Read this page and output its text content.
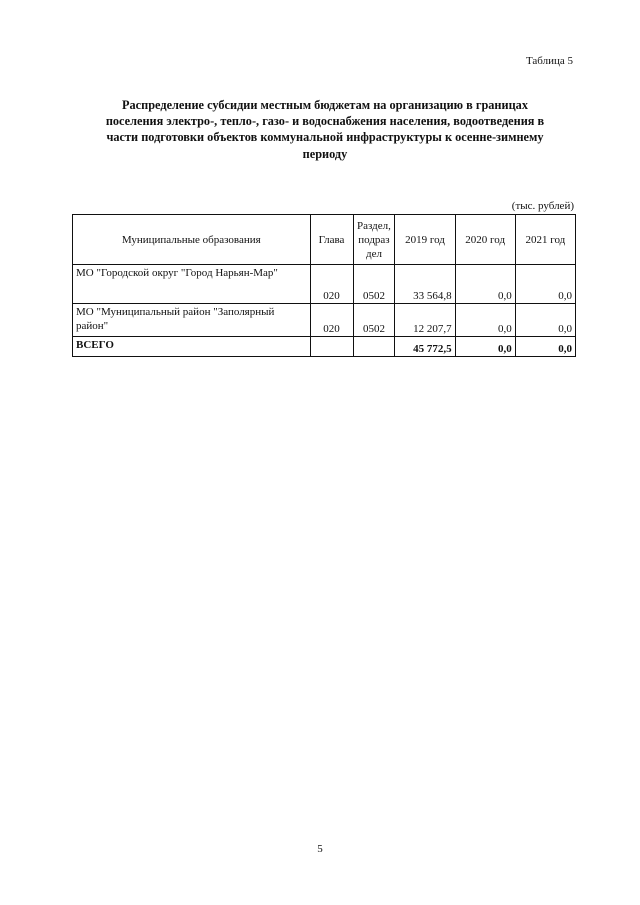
Таблица 5
Распределение субсидии местным бюджетам на организацию в границах
поселения электро-, тепло-, газо- и водоснабжения населения, водоотведения в
части подготовки объектов коммунальной инфраструктуры к осенне-зимнему
периоду
(тыс. рублей)
Муниципальные образования	Глава	Раздел, подраз дел	2019 год	2020 год	2021 год
МО "Городской округ "Город Нарьян-Мар"	020	0502	33 564,8	0,0	0,0
МО "Муниципальный район "Заполярный район"	020	0502	12 207,7	0,0	0,0
ВСЕГО			45 772,5	0,0	0,0
5
